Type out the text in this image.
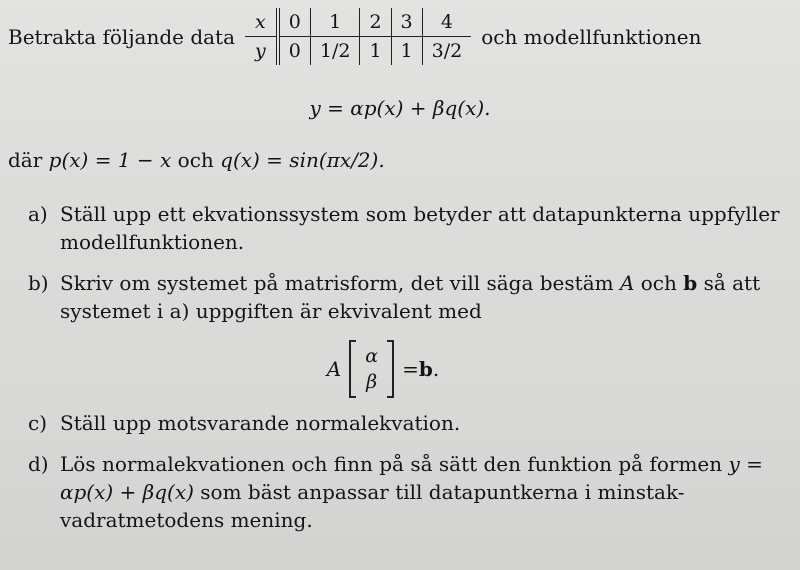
Betrakta följande data
x	0	1	2	3	4
y	0	1/2	1	1	3/2
och modellfunktionen
y = αp(x) + βq(x).
där p(x) = 1 − x och q(x) = sin(πx/2).
a) Ställ upp ett ekvationssystem som betyder att datapunkterna uppfyller modellfunktionen.
b) Skriv om systemet på matrisform, det vill säga bestäm A och b så att systemet i a) uppgiften är ekvivalent med
A
α
β
= b .
c) Ställ upp motsvarande normalekvation.
d) Lös normalekvationen och finn på så sätt den funktion på formen y = αp(x) + βq(x) som bäst anpassar till datapuntkerna i minstak-vadratmetodens mening.
